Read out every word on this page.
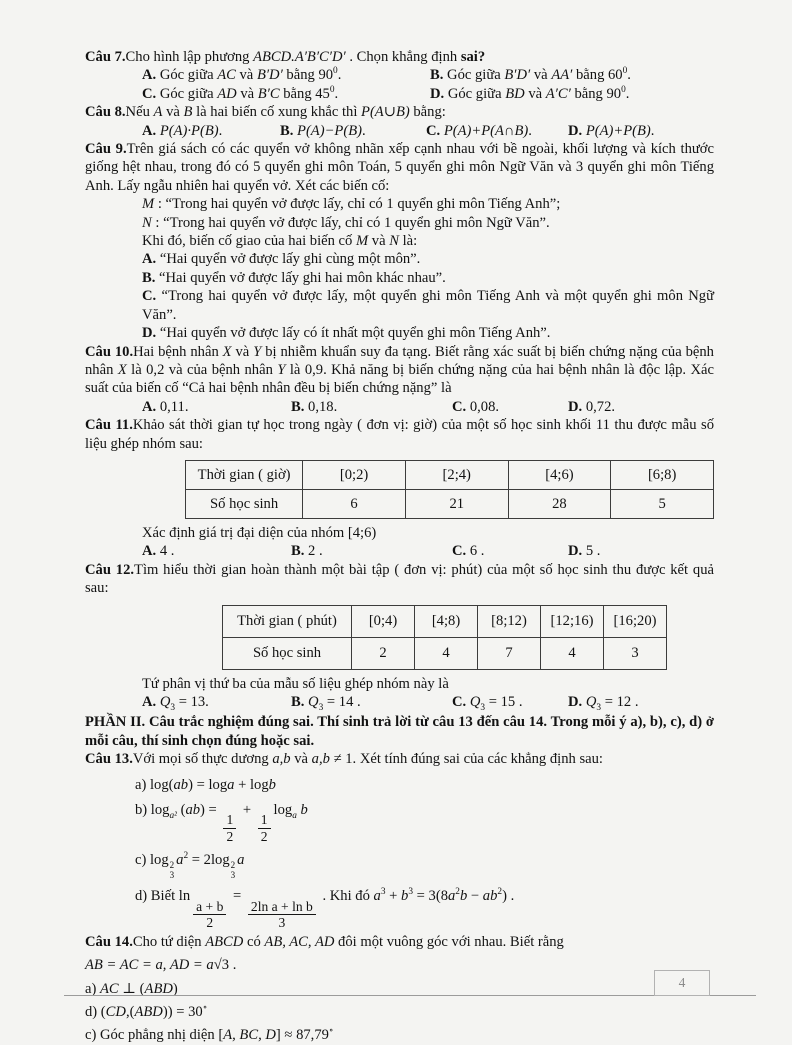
Câu 7.Cho hình lập phương ABCD.A′B′C′D′ . Chọn khẳng định sai?

A. Góc giữa AC và B′D′ bằng $90^0$.	B. Góc giữa B′D′ và AA′ bằng $60^0$.

C. Góc giữa AD và B′C bằng $45^0$.	D. Góc giữa BD và A′C′ bằng $90^0$.

Câu 8.Nếu A và B là hai biến cố xung khắc thì P(A∪B) bằng:

A. P(A)·P(B).	B. P(A)−P(B).	C. P(A)+P(A∩B).	D. P(A)+P(B).

Câu 9.Trên giá sách có các quyển vở không nhãn xếp cạnh nhau với bề ngoài, khối lượng và kích thước giống hệt nhau, trong đó có 5 quyển ghi môn Toán, 5 quyển ghi môn Ngữ Văn và 3 quyển ghi môn Tiếng Anh. Lấy ngẫu nhiên hai quyển vở. Xét các biến cố:

M : “Trong hai quyển vở được lấy, chỉ có 1 quyển ghi môn Tiếng Anh”;

N : “Trong hai quyển vở được lấy, chỉ có 1 quyển ghi môn Ngữ Văn”.

Khi đó, biến cố giao của hai biến cố M và N là:

A. “Hai quyển vở được lấy ghi cùng một môn”.

B. “Hai quyển vở được lấy ghi hai môn khác nhau”.

C. “Trong hai quyển vở được lấy, một quyển ghi môn Tiếng Anh và một quyển ghi môn Ngữ Văn”.

D. “Hai quyển vở được lấy có ít nhất một quyển ghi môn Tiếng Anh”.

Câu 10.Hai bệnh nhân X và Y bị nhiễm khuẩn suy đa tạng. Biết rằng xác suất bị biến chứng nặng của bệnh nhân X là 0,2 và của bệnh nhân Y là 0,9. Khả năng bị biến chứng nặng của hai bệnh nhân là độc lập. Xác suất của biến cố “Cả hai bệnh nhân đều bị biến chứng nặng” là

A. 0,11.	B. 0,18.	C. 0,08.	D. 0,72.

Câu 11.Khảo sát thời gian tự học trong ngày ( đơn vị: giờ) của một số học sinh khối 11 thu được mẫu số liệu ghép nhóm sau:

Thời gian ( giờ)	[0;2)	[2;4)	[4;6)	[6;8)
Số học sinh	6	21	28	5

Xác định giá trị đại diện của nhóm [4;6)

A. 4 .	B. 2 .	C. 6 .	D. 5 .

Câu 12.Tìm hiểu thời gian hoàn thành một bài tập ( đơn vị: phút) của một số học sinh thu được kết quả sau:

Thời gian ( phút)	[0;4)	[4;8)	[8;12)	[12;16)	[16;20)
Số học sinh	2	4	7	4	3

Tứ phân vị thứ ba của mẫu số liệu ghép nhóm này là

A. $Q_3 = 13$.	B. $Q_3 = 14$ .	C. $Q_3 = 15$ .	D. $Q_3 = 12$ .

PHẦN II. Câu trắc nghiệm đúng sai. Thí sinh trả lời từ câu 13 đến câu 14. Trong mỗi ý a), b), c), d) ở mỗi câu, thí sinh chọn đúng hoặc sai.

Câu 13.Với mọi số thực dương a,b và a,b ≠ 1. Xét tính đúng sai của các khẳng định sau:

a) log(ab) = loga + logb

b) $\log_{a^2} (ab)$ =
$\frac{1}{2}$
+
$\frac{1}{2}$
$\log_a b$

c) log 2
3
$a^2 = 2\log$ 2
3
a

d) Biết ln
$\frac{a + b}{2}$
=
$\frac{\text{2ln a + ln b}}{3}$
. Khi đó $a^3 + b^3 = 3(8a^2b - ab^2)$ .

Câu 14.Cho tứ diện ABCD có AB, AC, AD đôi một vuông góc với nhau. Biết rằng

AB = AC = a, AD = a√3 .

a) AC ⊥ (ABD)

d) (CD,(ABD)) = 30∘

c) Góc phẳng nhị diện [A, BC, D] ≈ 87,79∘

4
